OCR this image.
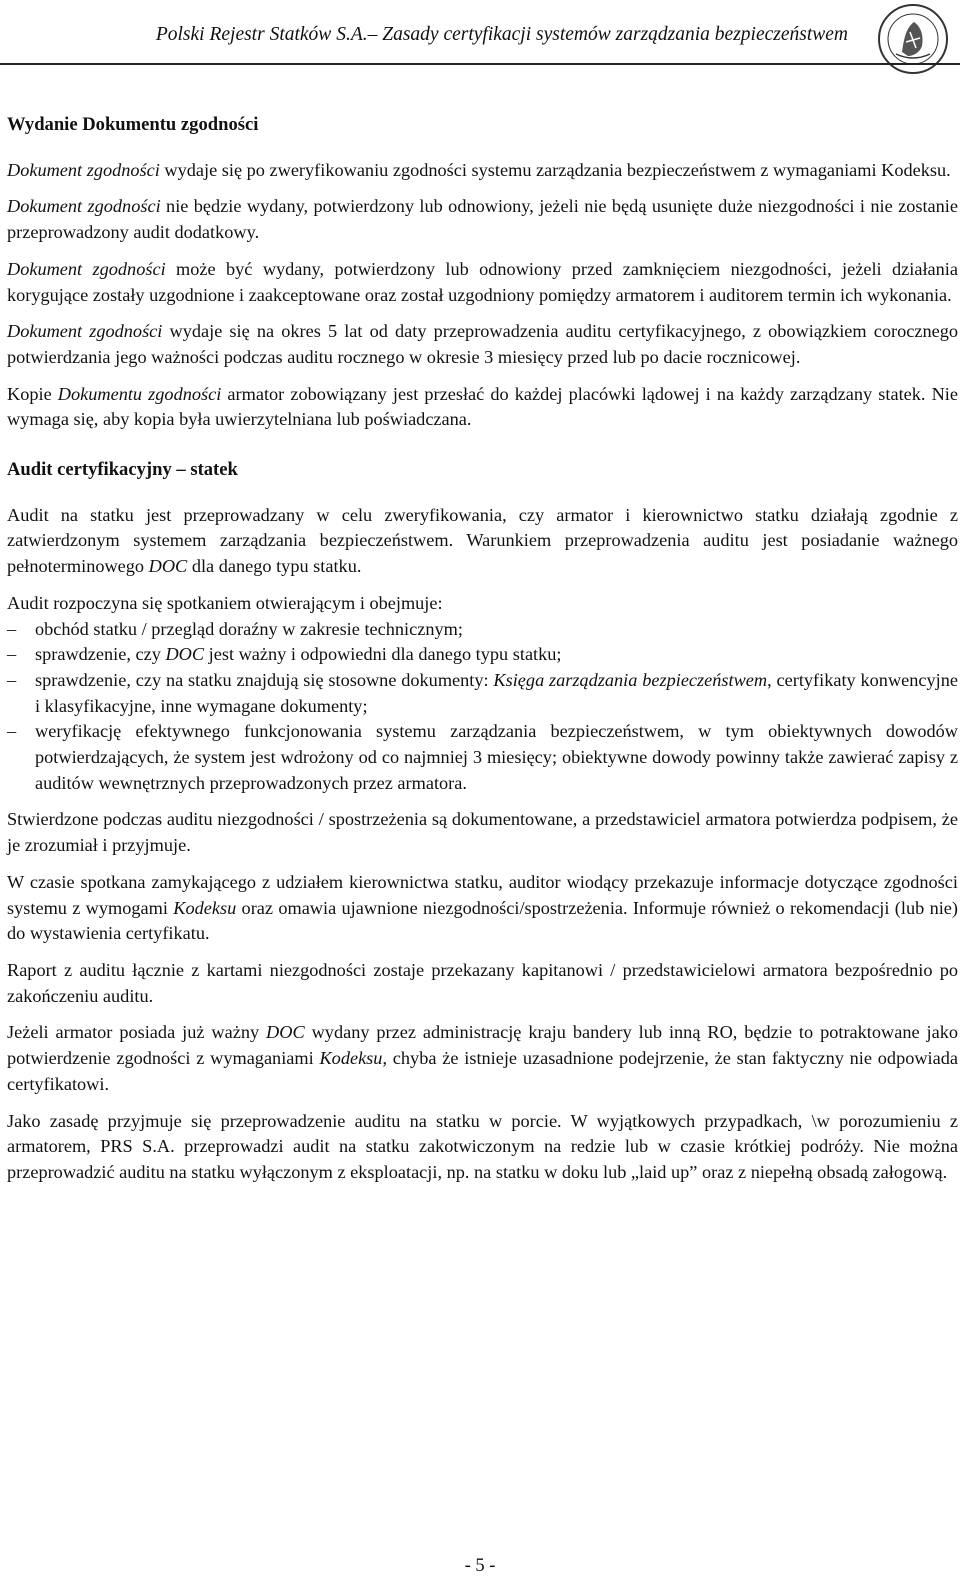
Polski Rejestr Statków S.A.– Zasady certyfikacji systemów zarządzania bezpieczeństwem
Wydanie Dokumentu zgodności

Dokument zgodności wydaje się po zweryfikowaniu zgodności systemu zarządzania bezpieczeństwem z wymaganiami Kodeksu.

Dokument zgodności nie będzie wydany, potwierdzony lub odnowiony, jeżeli nie będą usunięte duże niezgodności i nie zostanie przeprowadzony audit dodatkowy.

Dokument zgodności może być wydany, potwierdzony lub odnowiony przed zamknięciem niezgodności, jeżeli działania korygujące zostały uzgodnione i zaakceptowane oraz został uzgodniony pomiędzy armatorem i auditorem termin ich wykonania.

Dokument zgodności wydaje się na okres 5 lat od daty przeprowadzenia auditu certyfikacyjnego, z obowiązkiem corocznego potwierdzania jego ważności podczas auditu rocznego w okresie 3 miesięcy przed lub po dacie rocznicowej.

Kopie Dokumentu zgodności armator zobowiązany jest przesłać do każdej placówki lądowej i na każdy zarządzany statek. Nie wymaga się, aby kopia była uwierzytelniana lub poświadczana.

Audit certyfikacyjny – statek

Audit na statku jest przeprowadzany w celu zweryfikowania, czy armator i kierownictwo statku działają zgodnie z zatwierdzonym systemem zarządzania bezpieczeństwem. Warunkiem przeprowadzenia auditu jest posiadanie ważnego pełnoterminowego DOC dla danego typu statku.

Audit rozpoczyna się spotkaniem otwierającym i obejmuje:

– obchód statku / przegląd doraźny w zakresie technicznym;
– sprawdzenie, czy DOC jest ważny i odpowiedni dla danego typu statku;
– sprawdzenie, czy na statku znajdują się stosowne dokumenty: Księga zarządzania bezpieczeństwem, certyfikaty konwencyjne i klasyfikacyjne, inne wymagane dokumenty;
– weryfikację efektywnego funkcjonowania systemu zarządzania bezpieczeństwem, w tym obiektywnych dowodów potwierdzających, że system jest wdrożony od co najmniej 3 miesięcy; obiektywne dowody powinny także zawierać zapisy z auditów wewnętrznych przeprowadzonych przez armatora.

Stwierdzone podczas auditu niezgodności / spostrzeżenia są dokumentowane, a przedstawiciel armatora potwierdza podpisem, że je zrozumiał i przyjmuje.

W czasie spotkana zamykającego z udziałem kierownictwa statku, auditor wiodący przekazuje informacje dotyczące zgodności systemu z wymogami Kodeksu oraz omawia ujawnione niezgodności/spostrzeżenia. Informuje również o rekomendacji (lub nie) do wystawienia certyfikatu.

Raport z auditu łącznie z kartami niezgodności zostaje przekazany kapitanowi / przedstawicielowi armatora bezpośrednio po zakończeniu auditu.

Jeżeli armator posiada już ważny DOC wydany przez administrację kraju bandery lub inną RO, będzie to potraktowane jako potwierdzenie zgodności z wymaganiami Kodeksu, chyba że istnieje uzasadnione podejrzenie, że stan faktyczny nie odpowiada certyfikatowi.

Jako zasadę przyjmuje się przeprowadzenie auditu na statku w porcie. W wyjątkowych przypadkach, \w porozumieniu z armatorem, PRS S.A. przeprowadzi audit na statku zakotwiczonym na redzie lub w czasie krótkiej podróży. Nie można przeprowadzić auditu na statku wyłączonym z eksploatacji, np. na statku w doku lub „laid up” oraz z niepełną obsadą załogową.

- 5 -
